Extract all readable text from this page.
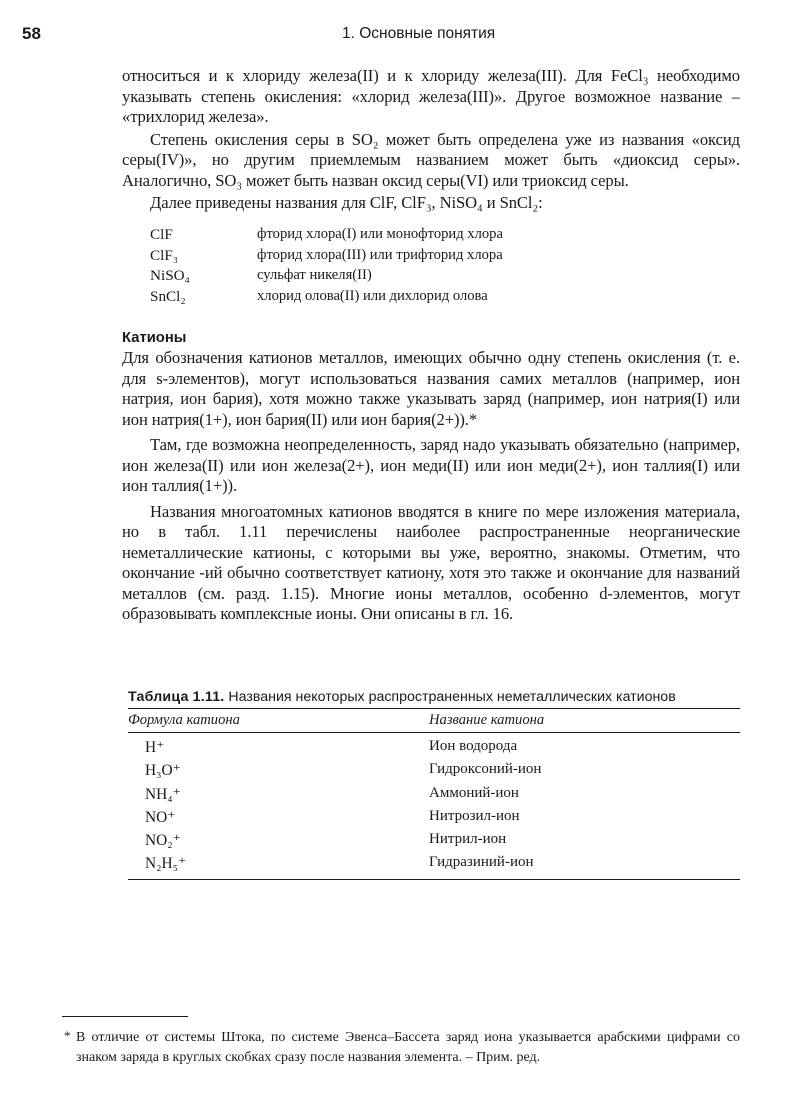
58	1. Основные понятия

относиться и к хлориду железа(II) и к хлориду железа(III). Для FeCl₃ необходимо указывать степень окисления: «хлорид железа(III)». Другое возможное название – «трихлорид железа».

Степень окисления серы в SO₂ может быть определена уже из названия «оксид серы(IV)», но другим приемлемым названием может быть «диоксид серы». Аналогично, SO₃ может быть назван оксид серы(VI) или триоксид серы.

Далее приведены названия для ClF, ClF₃, NiSO₄ и SnCl₂:

ClF	фторид хлора(I) или монофторид хлора
ClF₃	фторид хлора(III) или трифторид хлора
NiSO₄	сульфат никеля(II)
SnCl₂	хлорид олова(II) или дихлорид олова
Катионы

Для обозначения катионов металлов, имеющих обычно одну степень окисления (т. е. для s-элементов), могут использоваться названия самих металлов (например, ион натрия, ион бария), хотя можно также указывать заряд (например, ион натрия(I) или ион натрия(1+), ион бария(II) или ион бария(2+)).*

Там, где возможна неопределенность, заряд надо указывать обязательно (например, ион железа(II) или ион железа(2+), ион меди(II) или ион меди(2+), ион таллия(I) или ион таллия(1+)).

Названия многоатомных катионов вводятся в книге по мере изложения материала, но в табл. 1.11 перечислены наиболее распространенные неорганические неметаллические катионы, с которыми вы уже, вероятно, знакомы. Отметим, что окончание -ий обычно соответствует катиону, хотя это также и окончание для названий металлов (см. разд. 1.15). Многие ионы металлов, особенно d-элементов, могут образовывать комплексные ионы. Они описаны в гл. 16.

Таблица 1.11. Названия некоторых распространенных неметаллических катионов
Формула катиона	Название катиона
H⁺	Ион водорода
H₃O⁺	Гидроксоний-ион
NH₄⁺	Аммоний-ион
NO⁺	Нитрозил-ион
NO₂⁺	Нитрил-ион
N₂H₅⁺	Гидразиний-ион
* В отличие от системы Штока, по системе Эвенса–Бассета заряд иона указывается арабскими цифрами со знаком заряда в круглых скобках сразу после названия элемента. – Прим. ред.
